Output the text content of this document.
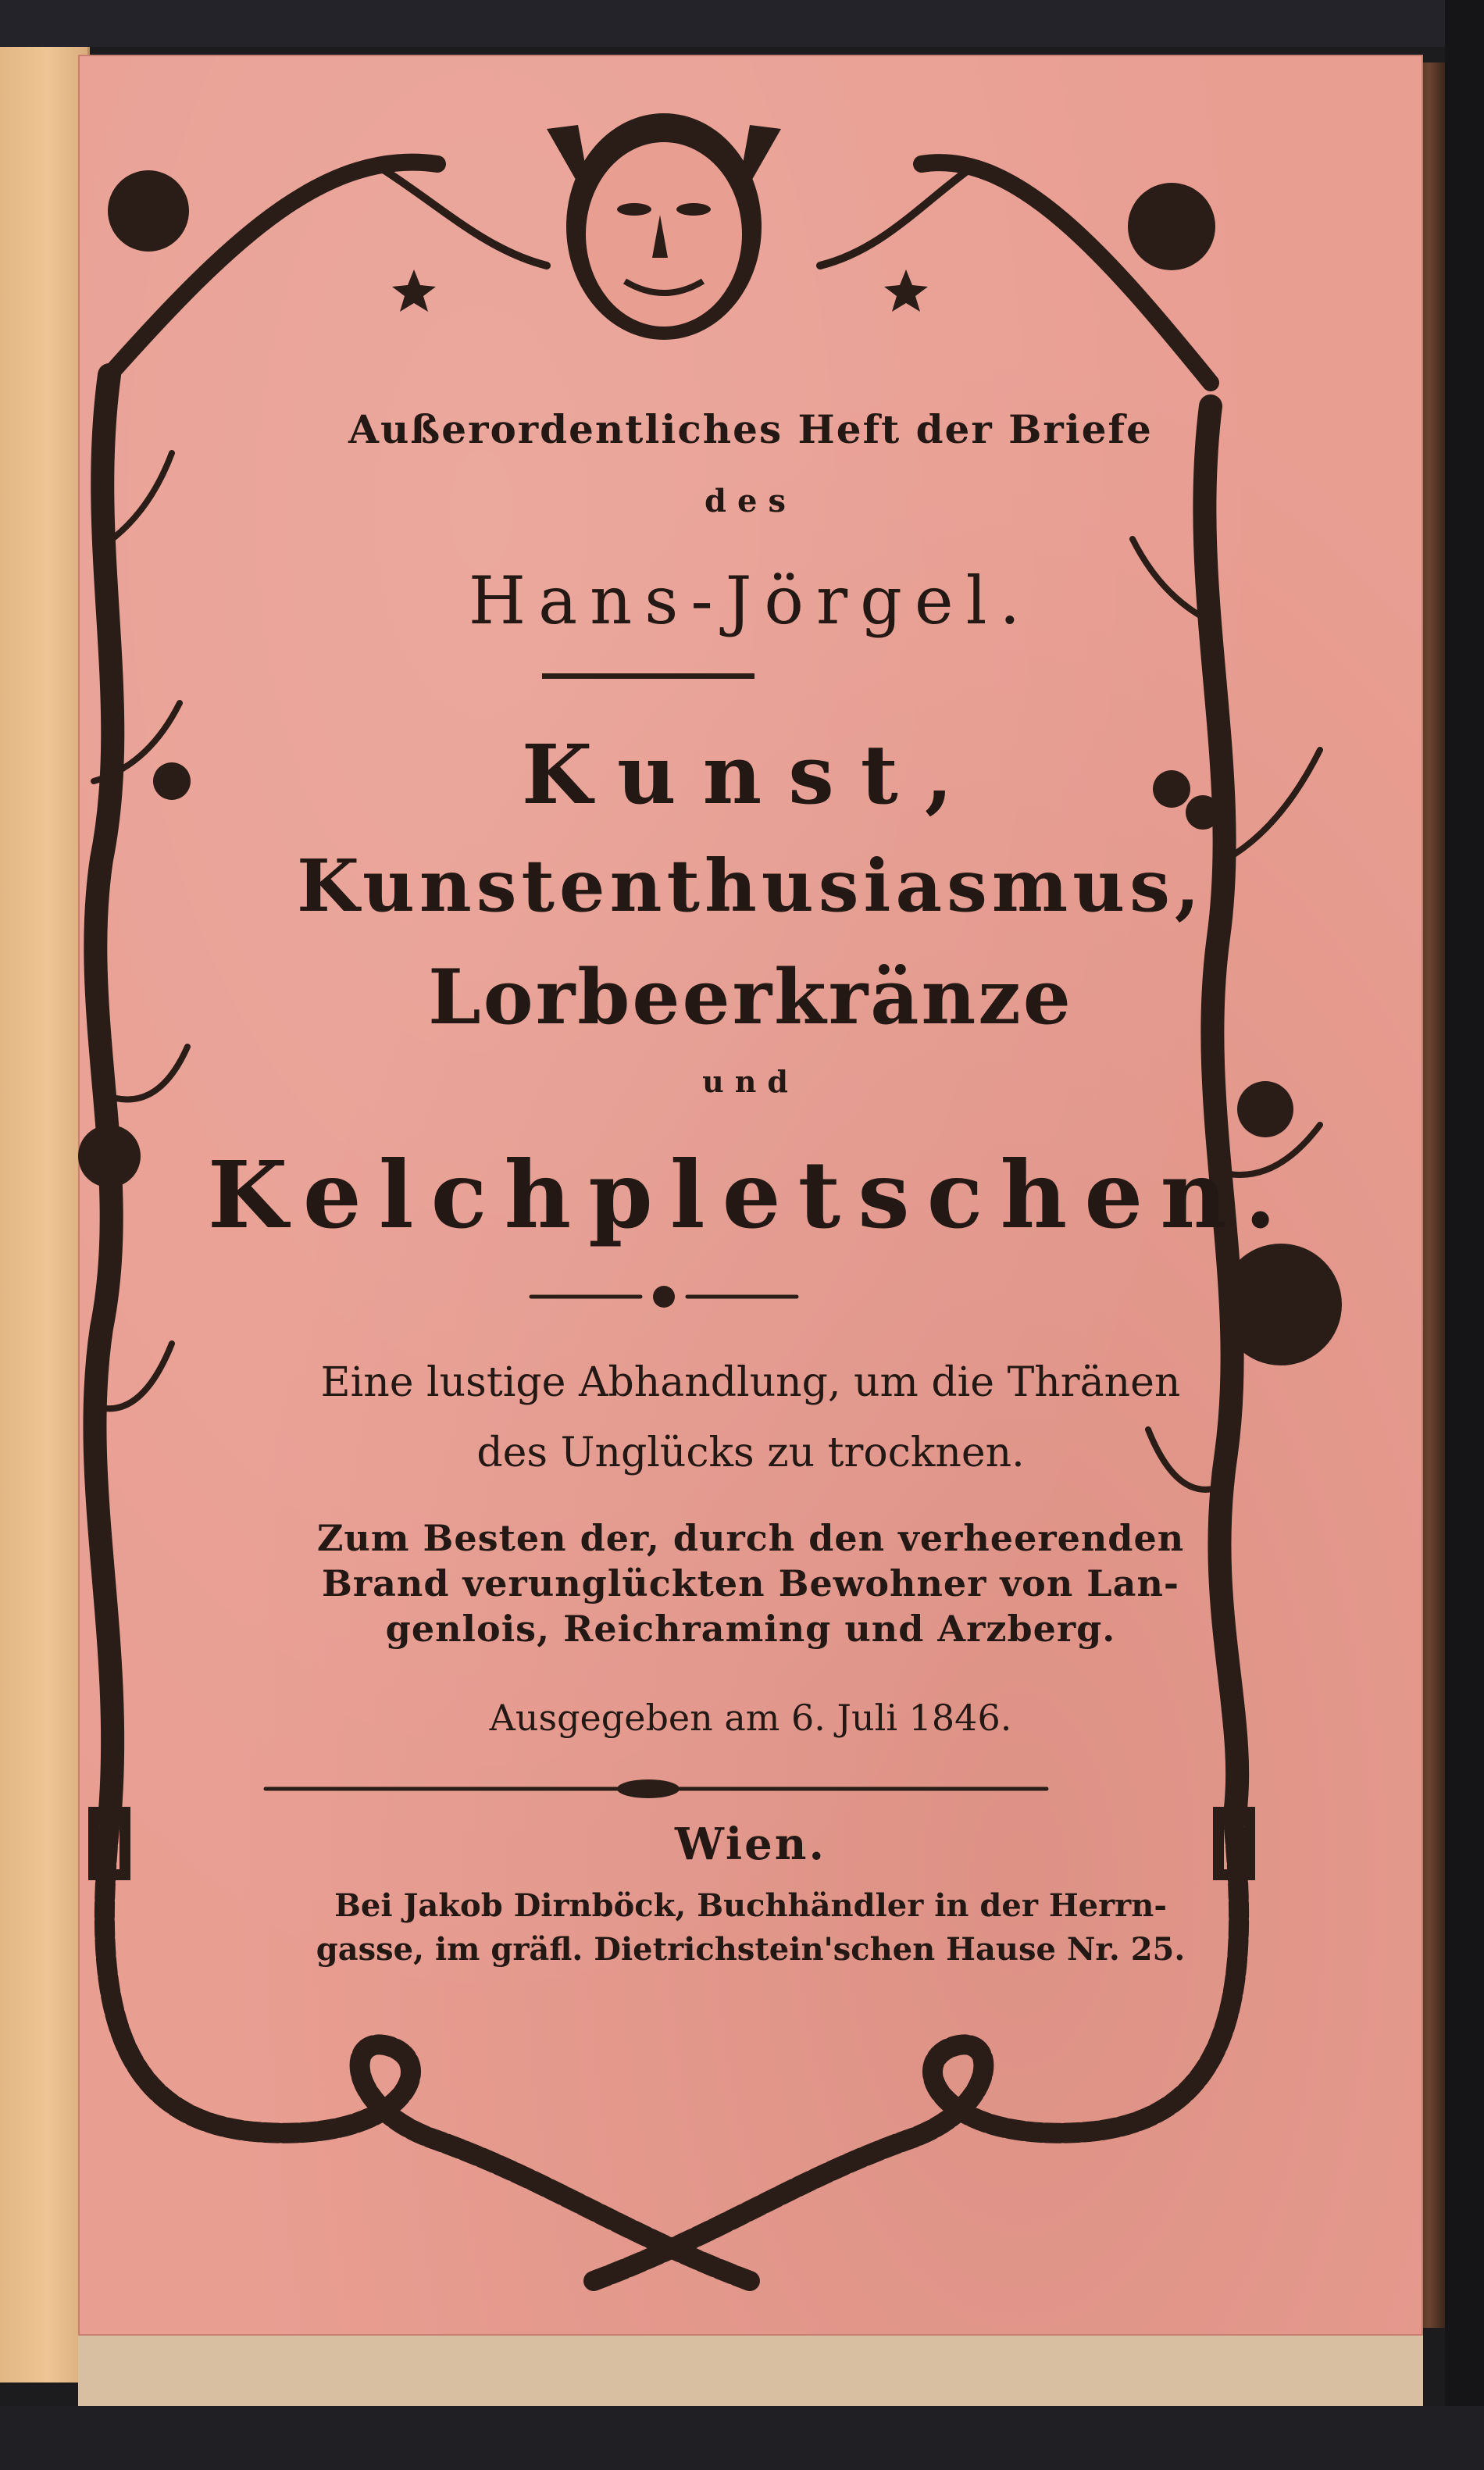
Außerordentliches Heft der Briefe
des
Hans-Jörgel.
Kunst,
Kunstenthusiasmus,
Lorbeerkränze
und
Kelchpletschen.
Eine lustige Abhandlung, um die Thränen
des Unglücks zu trocknen.
Zum Besten der, durch den verheerenden
Brand verunglückten Bewohner von Lan-
genlois, Reichraming und Arzberg.
Ausgegeben am 6. Juli 1846.
Wien.
Bei Jakob Dirnböck, Buchhändler in der Herrn-
gasse, im gräfl. Dietrichstein'schen Hause Nr. 25.
